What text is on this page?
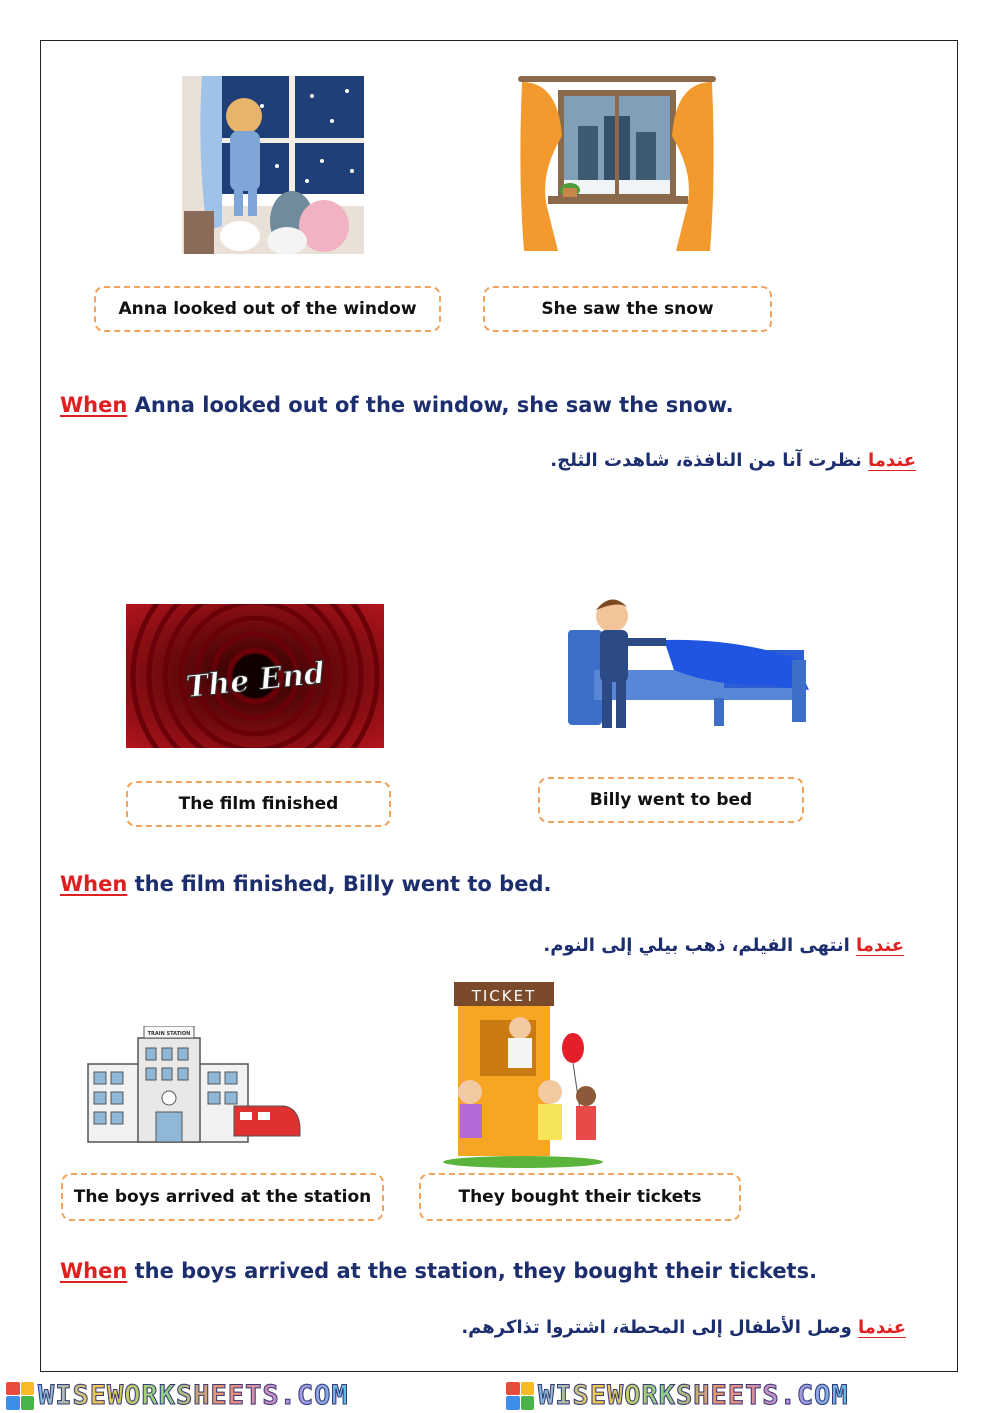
Anna looked out of the window	She saw the snow
When Anna looked out of the window, she saw the snow.
عندما نظرت آنا من النافذة، شاهدت الثلج.
The End
The film finished	Billy went to bed
When the film finished, Billy went to bed.
عندما انتهى الفيلم، ذهب بيلي إلى النوم.
TRAIN STATION
TICKET
The boys arrived at the station	They bought their tickets
When the boys arrived at the station, they bought their tickets.
عندما وصل الأطفال إلى المحطة، اشتروا تذاكرهم.
WISEWORKSHEETS.COM	WISEWORKSHEETS.COM
